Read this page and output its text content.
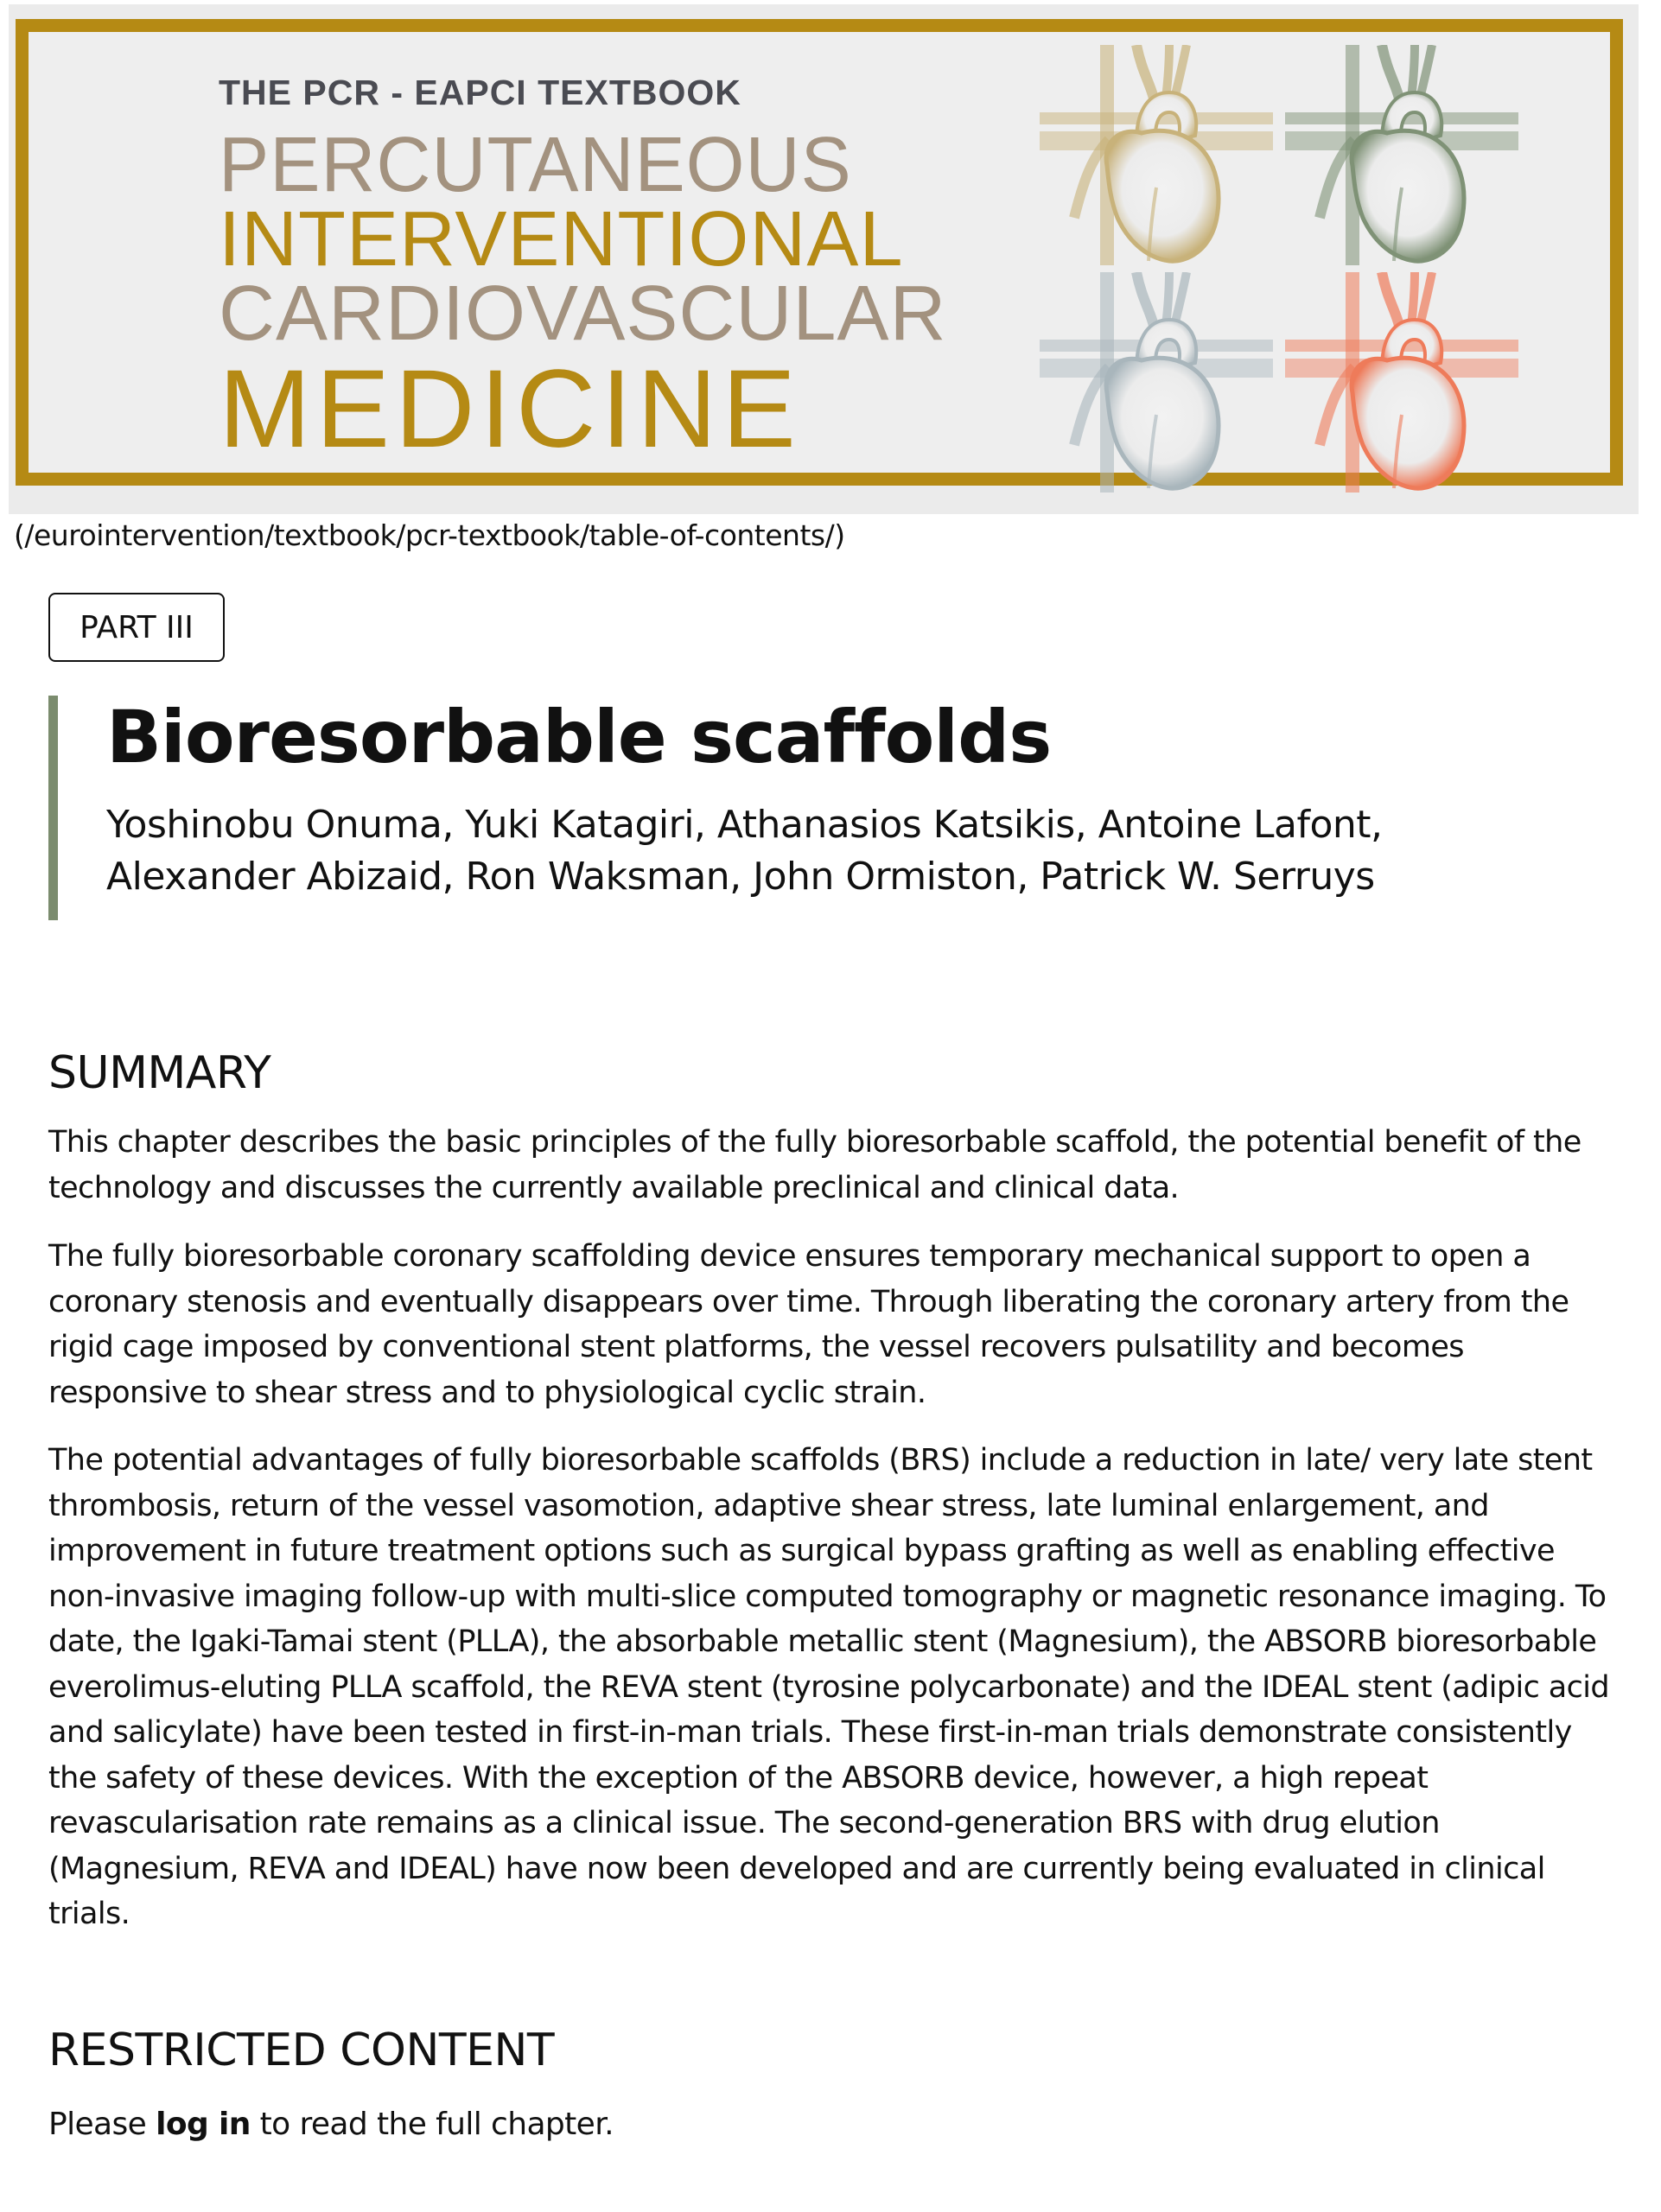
THE PCR - EAPCI TEXTBOOK
PERCUTANEOUS
INTERVENTIONAL
CARDIOVASCULAR
MEDICINE
(/eurointervention/textbook/pcr-textbook/table-of-contents/)
PART III
Bioresorbable scaffolds
Yoshinobu Onuma, Yuki Katagiri, Athanasios Katsikis, Antoine Lafont,
Alexander Abizaid, Ron Waksman, John Ormiston, Patrick W. Serruys
SUMMARY

This chapter describes the basic principles of the fully bioresorbable scaffold, the potential benefit of the technology and discusses the currently available preclinical and clinical data.

The fully bioresorbable coronary scaffolding device ensures temporary mechanical support to open a coronary stenosis and eventually disappears over time. Through liberating the coronary artery from the rigid cage imposed by conventional stent platforms, the vessel recovers pulsatility and becomes responsive to shear stress and to physiological cyclic strain.

The potential advantages of fully bioresorbable scaffolds (BRS) include a reduction in late/ very late stent thrombosis, return of the vessel vasomotion, adaptive shear stress, late luminal enlargement, and improvement in future treatment options such as surgical bypass grafting as well as enabling effective non-invasive imaging follow-up with multi-slice computed tomography or magnetic resonance imaging. To date, the Igaki-Tamai stent (PLLA), the absorbable metallic stent (Magnesium), the ABSORB bioresorbable everolimus-eluting PLLA scaffold, the REVA stent (tyrosine polycarbonate) and the IDEAL stent (adipic acid and salicylate) have been tested in first-in-man trials. These first-in-man trials demonstrate consistently the safety of these devices. With the exception of the ABSORB device, however, a high repeat revascularisation rate remains as a clinical issue. The second-generation BRS with drug elution (Magnesium, REVA and IDEAL) have now been developed and are currently being evaluated in clinical trials.

RESTRICTED CONTENT

Please log in to read the full chapter.
